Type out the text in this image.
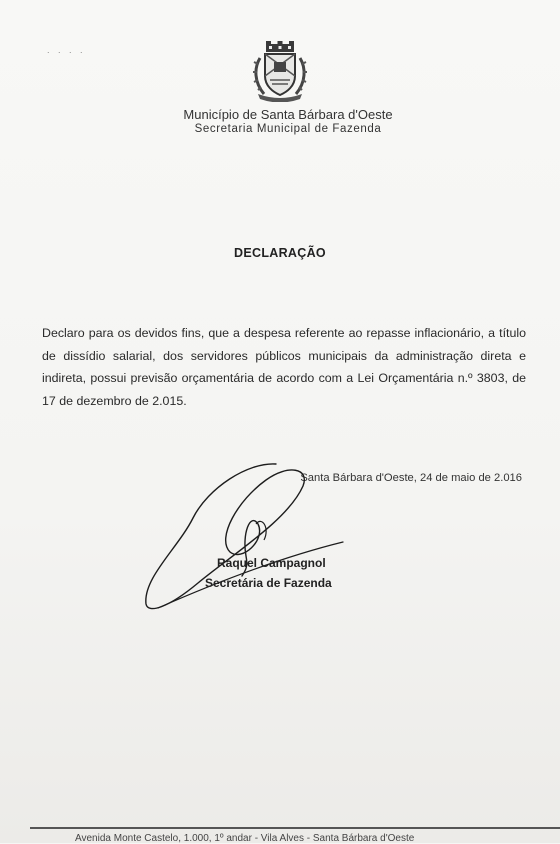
. . . .
Município de Santa Bárbara d'Oeste
Secretaria Municipal de Fazenda
DECLARAÇÃO
Declaro para os devidos fins, que a despesa referente ao repasse inflacionário, a título de dissídio salarial, dos servidores públicos municipais da administração direta e indireta, possui previsão orçamentária de acordo com a Lei Orçamentária n.º 3803, de 17 de dezembro de 2.015.
Santa Bárbara d'Oeste, 24 de maio de 2.016
Raquel Campagnol
Secretária de Fazenda
Avenida Monte Castelo, 1.000, 1º andar - Vila Alves - Santa Bárbara d'Oeste
